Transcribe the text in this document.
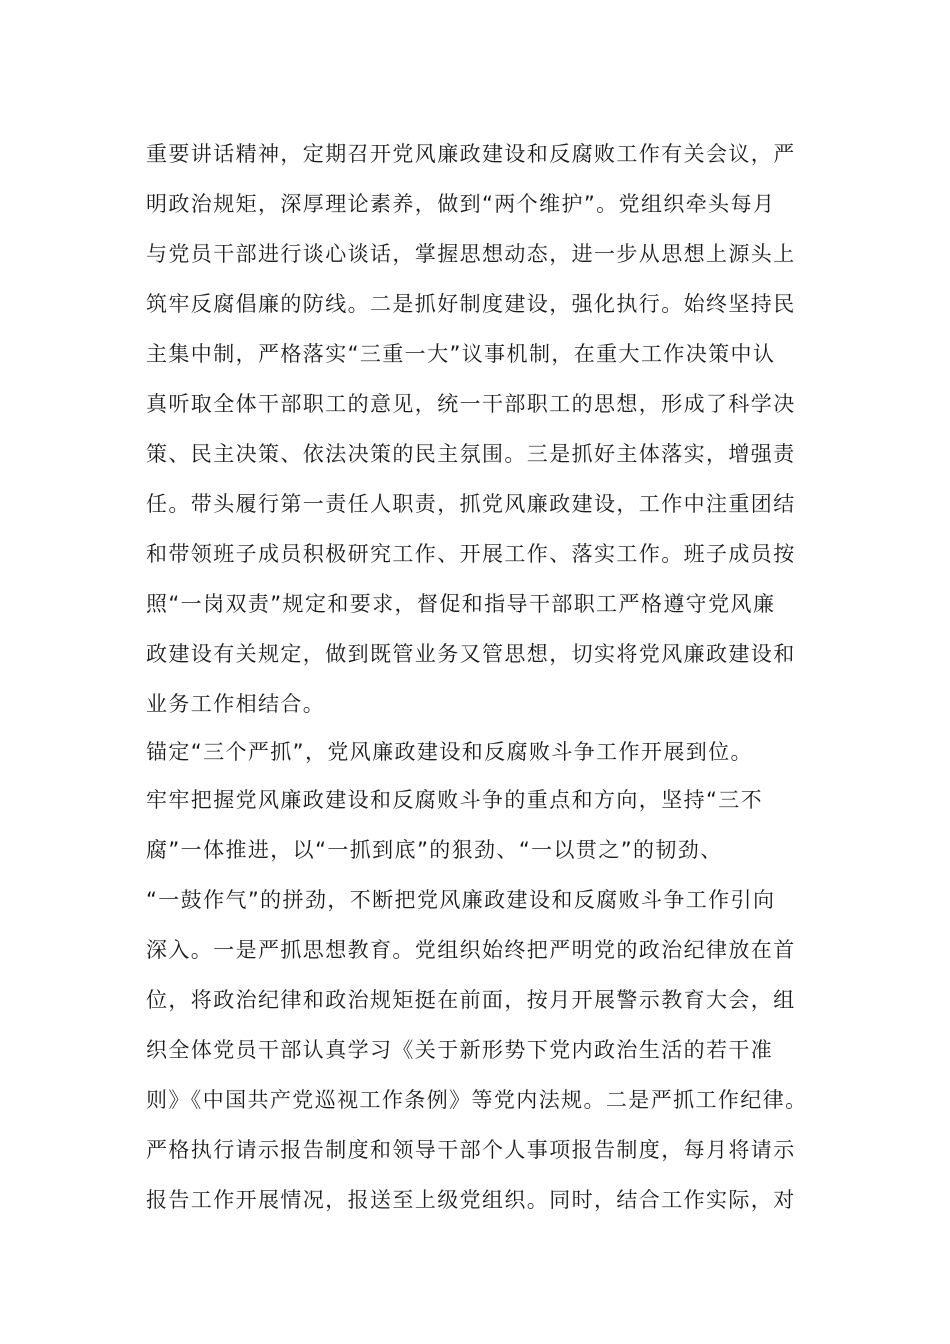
重要讲话精神，定期召开党风廉政建设和反腐败工作有关会议，严
明政治规矩，深厚理论素养，做到“两个维护”。党组织牵头每月
与党员干部进行谈心谈话，掌握思想动态，进一步从思想上源头上
筑牢反腐倡廉的防线。二是抓好制度建设，强化执行。始终坚持民
主集中制，严格落实“三重一大”议事机制，在重大工作决策中认
真听取全体干部职工的意见，统一干部职工的思想，形成了科学决
策、民主决策、依法决策的民主氛围。三是抓好主体落实，增强责
任。带头履行第一责任人职责，抓党风廉政建设，工作中注重团结
和带领班子成员积极研究工作、开展工作、落实工作。班子成员按
照“一岗双责”规定和要求，督促和指导干部职工严格遵守党风廉
政建设有关规定，做到既管业务又管思想，切实将党风廉政建设和
业务工作相结合。
锚定“三个严抓”，党风廉政建设和反腐败斗争工作开展到位。
牢牢把握党风廉政建设和反腐败斗争的重点和方向，坚持“三不
腐”一体推进，以“一抓到底”的狠劲、“一以贯之”的韧劲、
“一鼓作气”的拼劲，不断把党风廉政建设和反腐败斗争工作引向
深入。一是严抓思想教育。党组织始终把严明党的政治纪律放在首
位，将政治纪律和政治规矩挺在前面，按月开展警示教育大会，组
织全体党员干部认真学习《关于新形势下党内政治生活的若干准
则》《中国共产党巡视工作条例》等党内法规。二是严抓工作纪律。
严格执行请示报告制度和领导干部个人事项报告制度，每月将请示
报告工作开展情况，报送至上级党组织。同时，结合工作实际，对
